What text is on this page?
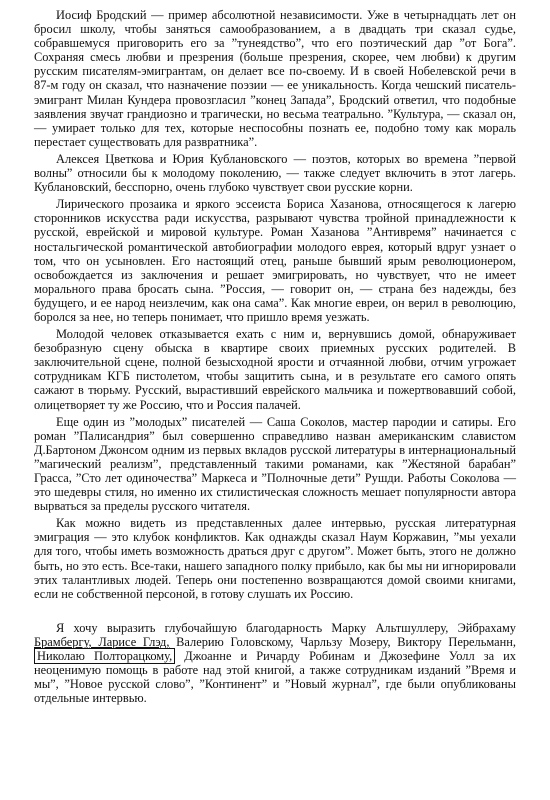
Иосиф Бродский — пример абсолютной независимости. Уже в четырнадцать лет он бросил школу, чтобы заняться самообразованием, а в двадцать три сказал судье, собравшемуся приговорить его за ”тунеядство”, что его поэтический дар ”от Бога”. Сохраняя смесь любви и презрения (больше презрения, скорее, чем любви) к другим русским писателям-эмигрантам, он делает все по-своему. И в своей Нобелевской речи в 87-м году он сказал, что назначение поэзии — ее уникальность. Когда чешский писатель-эмигрант Милан Кундера провозгласил ”конец Запада”, Бродский ответил, что подобные заявления звучат грандиозно и трагически, но весьма театрально. ”Культура, — сказал он, — умирает только для тех, которые неспособны познать ее, подобно тому как мораль перестает существовать для развратника”.

Алексея Цветкова и Юрия Кублановского — поэтов, которых во времена ”первой волны” относили бы к молодому поколению, — также следует включить в этот лагерь. Кублановский, бесспорно, очень глубоко чувствует свои русские корни.

Лирического прозаика и яркого эссеиста Бориса Хазанова, относящегося к лагерю сторонников искусства ради искусства, разрывают чувства тройной принадлежности к русской, еврейской и мировой культуре. Роман Хазанова ”Антивремя” начинается с ностальгической романтической автобиографии молодого еврея, который вдруг узнает о том, что он усыновлен. Его настоящий отец, раньше бывший ярым революционером, освобождается из заключения и решает эмигрировать, но чувствует, что не имеет морального права бросать сына. ”Россия, — говорит он, — страна без надежды, без будущего, и ее народ неизлечим, как она сама”. Как многие евреи, он верил в революцию, боролся за нее, но теперь понимает, что пришло время уезжать.

Молодой человек отказывается ехать с ним и, вернувшись домой, обнаруживает безобразную сцену обыска в квартире своих приемных русских родителей. В заключительной сцене, полной безысходной ярости и отчаянной любви, отчим угрожает сотрудникам КГБ пистолетом, чтобы защитить сына, и в результате его самого опять сажают в тюрьму. Русский, вырастивший еврейского мальчика и пожертвовавший собой, олицетворяет ту же Россию, что и Россия палачей.

Еще один из ”молодых” писателей — Саша Соколов, мастер пародии и сатиры. Его роман ”Палисандрия” был совершенно справедливо назван американским славистом Д.Бартоном Джонсом одним из первых вкладов русской литературы в интернациональный ”магический реализм”, представленный такими романами, как ”Жестяной барабан” Грасса, ”Сто лет одиночества” Маркеса и ”Полночные дети” Рушди. Работы Соколова — это шедевры стиля, но именно их стилистическая сложность мешает популярности автора вырваться за пределы русского читателя.

Как можно видеть из представленных далее интервью, русская литературная эмиграция — это клубок конфликтов. Как однажды сказал Наум Коржавин, ”мы уехали для того, чтобы иметь возможность драться друг с другом”. Может быть, этого не должно быть, но это есть. Все-таки, нашего западного полку прибыло, как бы мы ни игнорировали этих талантливых людей. Теперь они постепенно возвращаются домой своими книгами, если не собственной персоной, в готову слушать их Россию.

Я хочу выразить глубочайшую благодарность Марку Альтшуллеру, Эйбрахаму Брамбергу, Ларисе Глэд, Валерию Головскому, Чарльзу Мозеру, Виктору Перельманн, Николаю Полторацкому, Джоанне и Ричарду Робинам и Джозефине Уолл за их неоценимую помощь в работе над этой книгой, а также сотрудникам изданий ”Время и мы”, ”Новое русской слово”, ”Континент” и ”Новый журнал”, где были опубликованы отдельные интервью.
